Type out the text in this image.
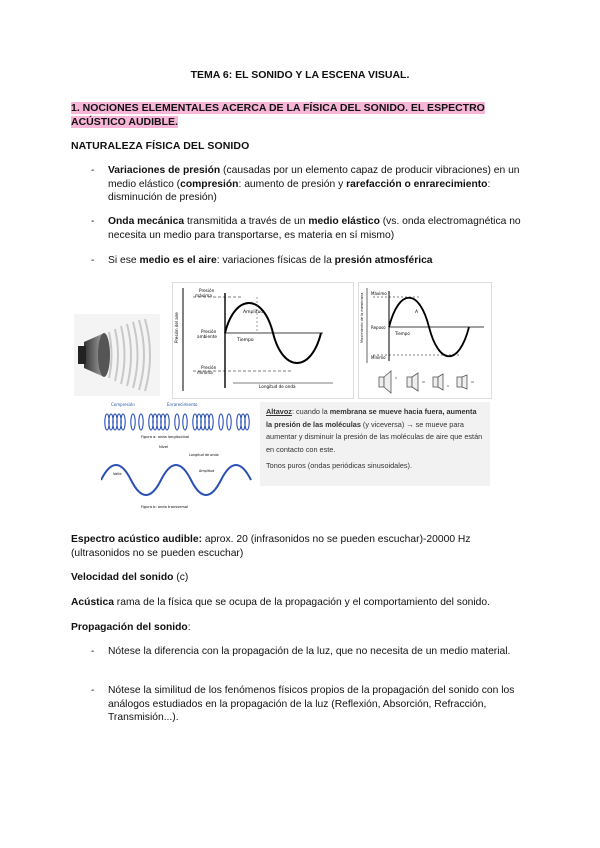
TEMA 6: EL SONIDO Y LA ESCENA VISUAL.
1. NOCIONES ELEMENTALES ACERCA DE LA FÍSICA DEL SONIDO. EL ESPECTRO
ACÚSTICO AUDIBLE.
NATURALEZA FÍSICA DEL SONIDO
- Variaciones de presión (causadas por un elemento capaz de producir vibraciones) en un medio elástico (compresión: aumento de presión y rarefacción o enrarecimiento: disminución de presión)
- Onda mecánica transmitida a través de un medio elástico (vs. onda electromagnética no necesita un medio para transportarse, es materia en sí mismo)
- Si ese medio es el aire: variaciones físicas de la presión atmosférica
Presión del aire
Presión
máxima
Amplitud
Presión
ambiente
Tiempo
Presión
mínima
Longitud de onda
Movimiento de la membrana Máximo
A
Tiempo
Reposo
Mínimo
Compresión	Enrarecimiento
Figura a: onda longitudinal
Nivel
Longitud de onda
Valle
Amplitud
Figura b: onda transversal
Altavoz: cuando la membrana se mueve hacia fuera, aumenta la presión de las moléculas (y viceversa) → se mueve para aumentar y disminuir la presión de las moléculas de aire que están en contacto con este.
Tonos puros (ondas periódicas sinusoidales).
Espectro acústico audible: aprox. 20 (infrasonidos no se pueden escuchar)-20000 Hz (ultrasonidos no se pueden escuchar)
Velocidad del sonido (c)
Acústica rama de la física que se ocupa de la propagación y el comportamiento del sonido.
Propagación del sonido:
- Nótese la diferencia con la propagación de la luz, que no necesita de un medio material.
- Nótese la similitud de los fenómenos físicos propios de la propagación del sonido con los análogos estudiados en la propagación de la luz (Reflexión, Absorción, Refracción, Transmisión...).
